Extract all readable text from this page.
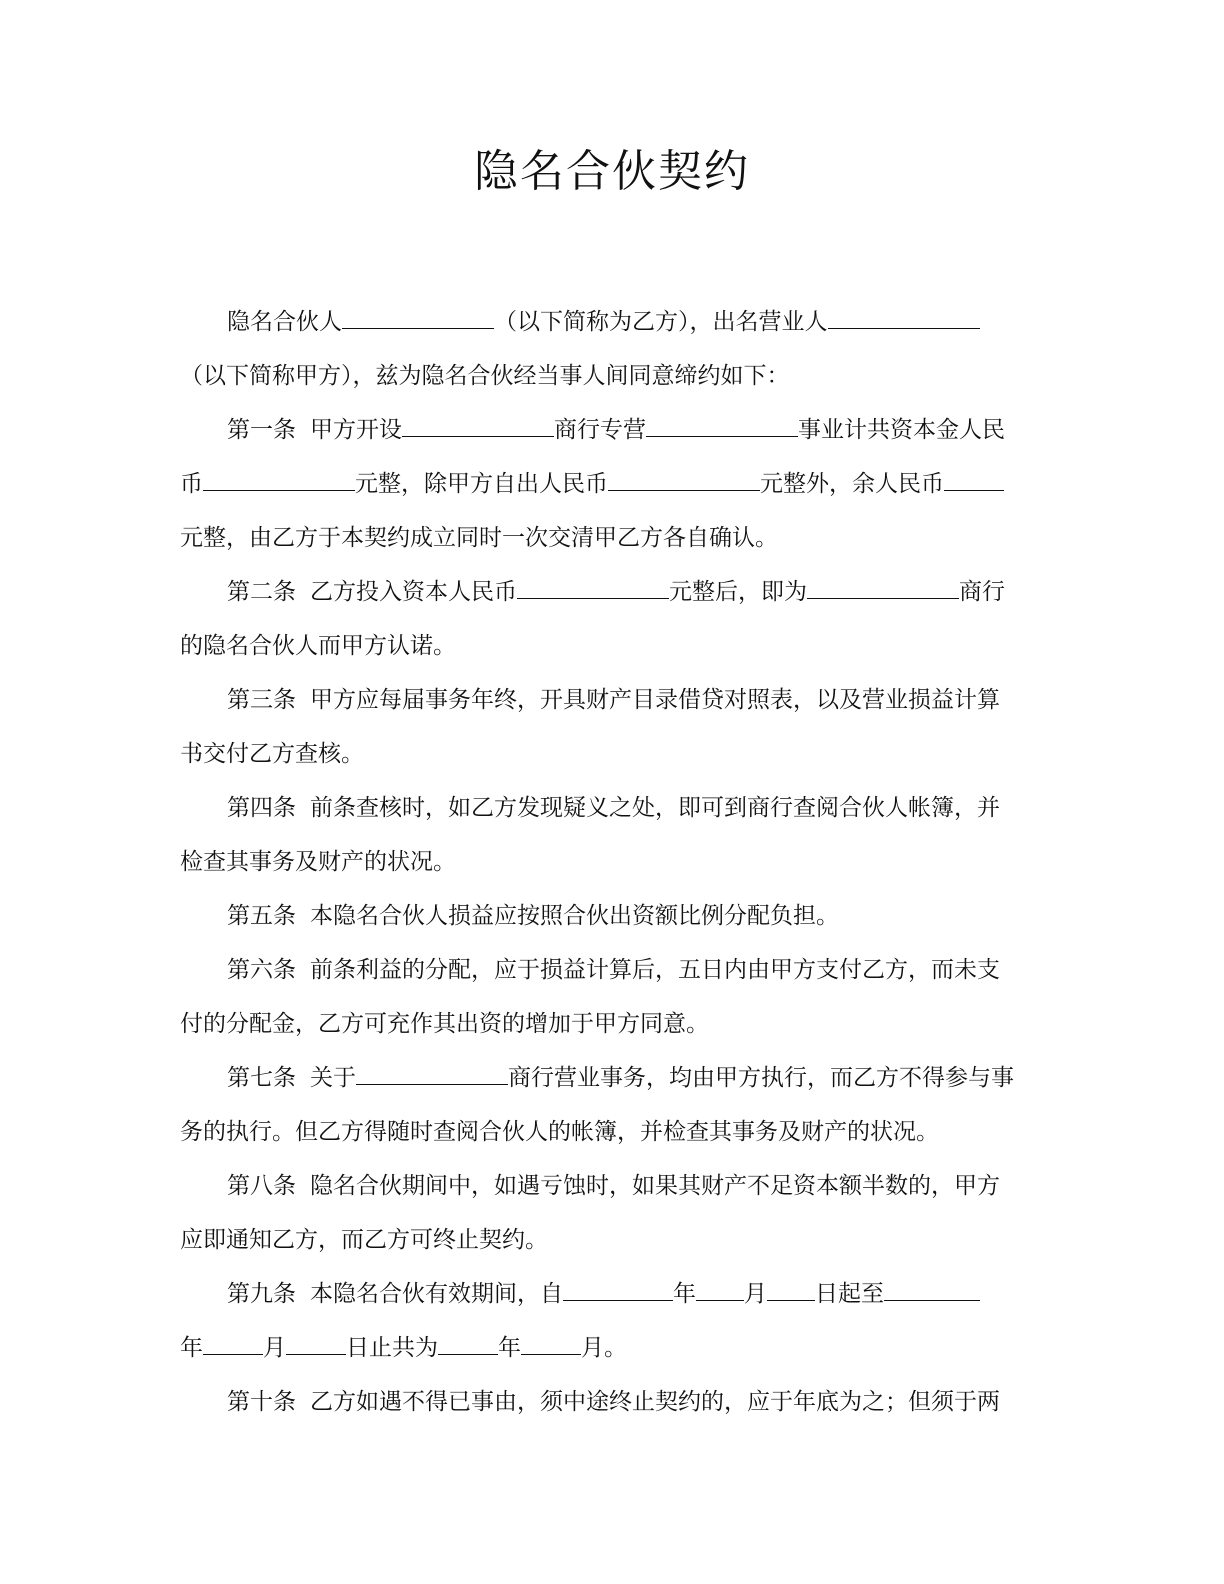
隐名合伙契约
隐名合伙人	（以下简称为乙方），出名营业人
（以下简称甲方），兹为隐名合伙经当事人间同意缔约如下：
第一条 甲方开设	商行专营	事业计共资本金人民
币	元整，除甲方自出人民币	元整外，余人民币
元整，由乙方于本契约成立同时一次交清甲乙方各自确认。
第二条 乙方投入资本人民币	元整后，即为	商行
的隐名合伙人而甲方认诺。
第三条 甲方应每届事务年终，开具财产目录借贷对照表，以及营业损益计算
书交付乙方查核。
第四条 前条查核时，如乙方发现疑义之处，即可到商行查阅合伙人帐簿，并
检查其事务及财产的状况。
第五条 本隐名合伙人损益应按照合伙出资额比例分配负担。
第六条 前条利益的分配，应于损益计算后，五日内由甲方支付乙方，而未支
付的分配金，乙方可充作其出资的增加于甲方同意。
第七条 关于	商行营业事务，均由甲方执行，而乙方不得参与事
务的执行。但乙方得随时查阅合伙人的帐簿，并检查其事务及财产的状况。
第八条 隐名合伙期间中，如遇亏蚀时，如果其财产不足资本额半数的，甲方
应即通知乙方，而乙方可终止契约。
第九条 本隐名合伙有效期间，自	年 月 日起至
年	月	日止共为	年	月。
第十条 乙方如遇不得已事由，须中途终止契约的，应于年底为之；但须于两
